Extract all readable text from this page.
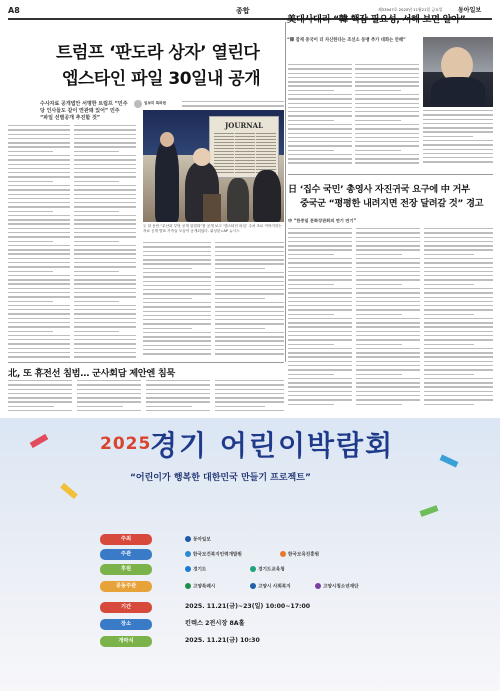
A8	종합	제33947호 2025년 11월21일 금요일	동아일보
트럼프 ‘판도라 상자’ 열린다
엡스타인 파일 30일내 공개
수사자료 공개법안 서명한 트럼프 “민주당 인사들도 같이 연관돼 있어” 민주 “파일 선별공개 추진할 것”
임보미 특파원
JOURNAL
두 달 동안 “무산되 부당 공개 입법화”를 공개 보고 ‘엡스타인 파일’ 주차 조로 이야기하는 자료 공개 발표 가족들 모습이 공개되었다. 워싱턴=AP 뉴시스
美대사대리 “韓 핵잠 필요성, 서해 보면 알아”
“韓 잠재 중국이 더 자신한다는 조선소 동맹 추가 대화는 안해”
日 ‘집수 국민’ 총영사 자진귀국 요구에 中 거부
중국군 “평평한 내려지면 전장 달려갈 것” 경고
中 “한중일 문화장관회의 연기 연기”
北, 또 휴전선 침범… 군사회담 제안엔 침묵
2025
경기 어린이박람회
“어린이가 행복한 대한민국 만들기 프로젝트”
주최	동아일보
주관	한국보건복지인력개발원	한국보육진흥원
후원	경기도	경기도교육청
공동주관	고양특례시	고양시 사회복지	고양시청소년재단
기간	2025. 11.21(금)~23(일) 10:00~17:00
장소	킨텍스 2전시장 8A홀
개막식	2025. 11.21(금) 10:30
